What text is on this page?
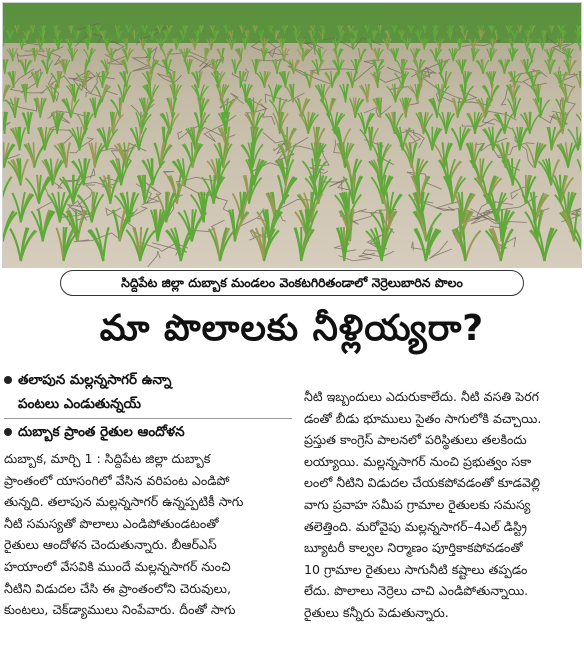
సిద్దిపేట జిల్లా దుబ్బాక మండలం వెంకటగిరితండాలో నెర్రెలుబారిన పొలం
మా పొలాలకు నీళ్లియ్యరా?
తలాపున మల్లన్నసాగర్ ఉన్నా
పంటలు ఎండుతున్నయ్
దుబ్బాక ప్రాంత రైతుల ఆందోళన
దుబ్బాక, మార్చి 1 : సిద్దిపేట జిల్లా దుబ్బాక
ప్రాంతంలో యాసంగిలో వేసిన వరిపంట ఎండిపో
తున్నది. తలాపున మల్లన్నసాగర్ ఉన్నప్పటికీ సాగు
నీటి సమస్యతో పొలాలు ఎండిపోతుండటంతో
రైతులు ఆందోళన చెందుతున్నారు. బీఆర్ఎస్
హయాంలో వేసవికి ముందే మల్లన్నసాగర్ నుంచి
నీటిని విడుదల చేసి ఈ ప్రాంతంలోని చెరువులు,
కుంటలు, చెక్‌డ్యాములు నింపేవారు. దీంతో సాగు
నీటి ఇబ్బందులు ఎదురుకాలేదు. నీటి వసతి పెరగ
డంతో బీడు భూములు సైతం సాగులోకి వచ్చాయి.
ప్రస్తుత కాంగ్రెస్ పాలనలో పరిస్థితులు తలకిందు
లయ్యాయి. మల్లన్నసాగర్ నుంచి ప్రభుత్వం సకా
లంలో నీటిని విడుదల చేయకపోవడంతో కూడవెల్లి
వాగు ప్రవాహ సమీప గ్రామాల రైతులకు సమస్య
తలెత్తింది. మరోవైపు మల్లన్నసాగర్–4ఎల్ డిస్ట్రి
బ్యూటరీ కాల్వల నిర్మాణం పూర్తికాకపోవడంతో
10 గ్రామాల రైతులు సాగునీటి కష్టాలు తప్పడం
లేదు. పొలాలు నెర్రెలు చాచి ఎండిపోతున్నాయి.
రైతులు కన్నీరు పెడుతున్నారు.
